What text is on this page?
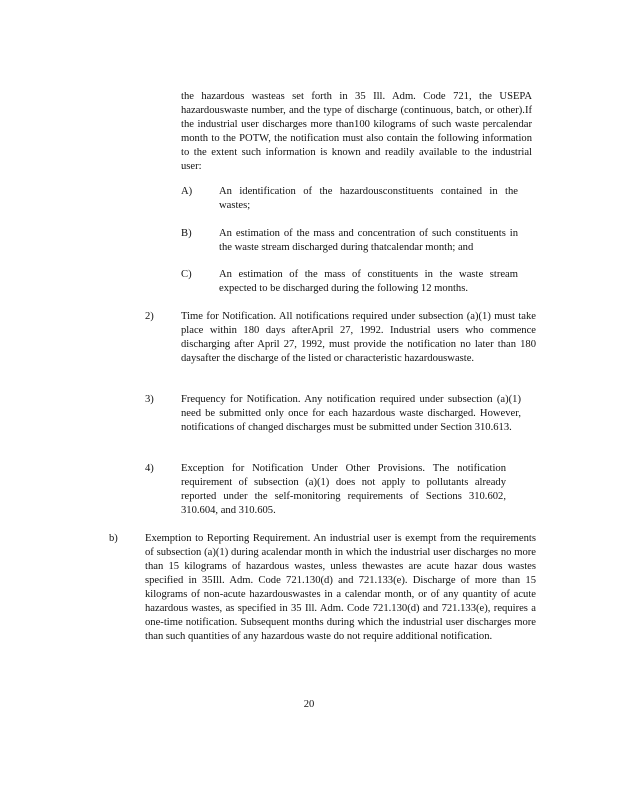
the hazardous wasteas set forth in 35 Ill. Adm. Code 721, the USEPA hazardouswaste number, and the type of discharge (continuous, batch, or other).If the industrial user discharges more than100 kilograms of such waste percalendar month to the POTW, the notification must also contain the following information to the extent such information is known and readily available to the industrial user:

A)	An identification of the hazardousconstituents contained in the wastes;

B)	An estimation of the mass and concentration of such constituents in the waste stream discharged during thatcalendar month; and

C)	An estimation of the mass of constituents in the waste stream expected to be discharged during the following 12 months.

2)	Time for Notification. All notifications required under subsection (a)(1) must take place within 180 days afterApril 27, 1992. Industrial users who commence discharging after April 27, 1992, must provide the notification no later than 180 daysafter the discharge of the listed or characteristic hazardouswaste.

3)	Frequency for Notification. Any notification required under subsection (a)(1) need be submitted only once for each hazardous waste discharged. However, notifications of changed discharges must be submitted under Section 310.613.

4)	Exception for Notification Under Other Provisions. The notification requirement of subsection (a)(1) does not apply to pollutants already reported under the self-monitoring requirements of Sections 310.602, 310.604, and 310.605.

b)	Exemption to Reporting Requirement. An industrial user is exempt from the requirements of subsection (a)(1) during acalendar month in which the industrial user discharges no more than 15 kilograms of hazardous wastes, unless thewastes are acute hazar dous wastes specified in 35Ill. Adm. Code 721.130(d) and 721.133(e). Discharge of more than 15 kilograms of non-acute hazardouswastes in a calendar month, or of any quantity of acute hazardous wastes, as specified in 35 Ill. Adm. Code 721.130(d) and 721.133(e), requires a one-time notification. Subsequent months during which the industrial user discharges more than such quantities of any hazardous waste do not require additional notification.

20
